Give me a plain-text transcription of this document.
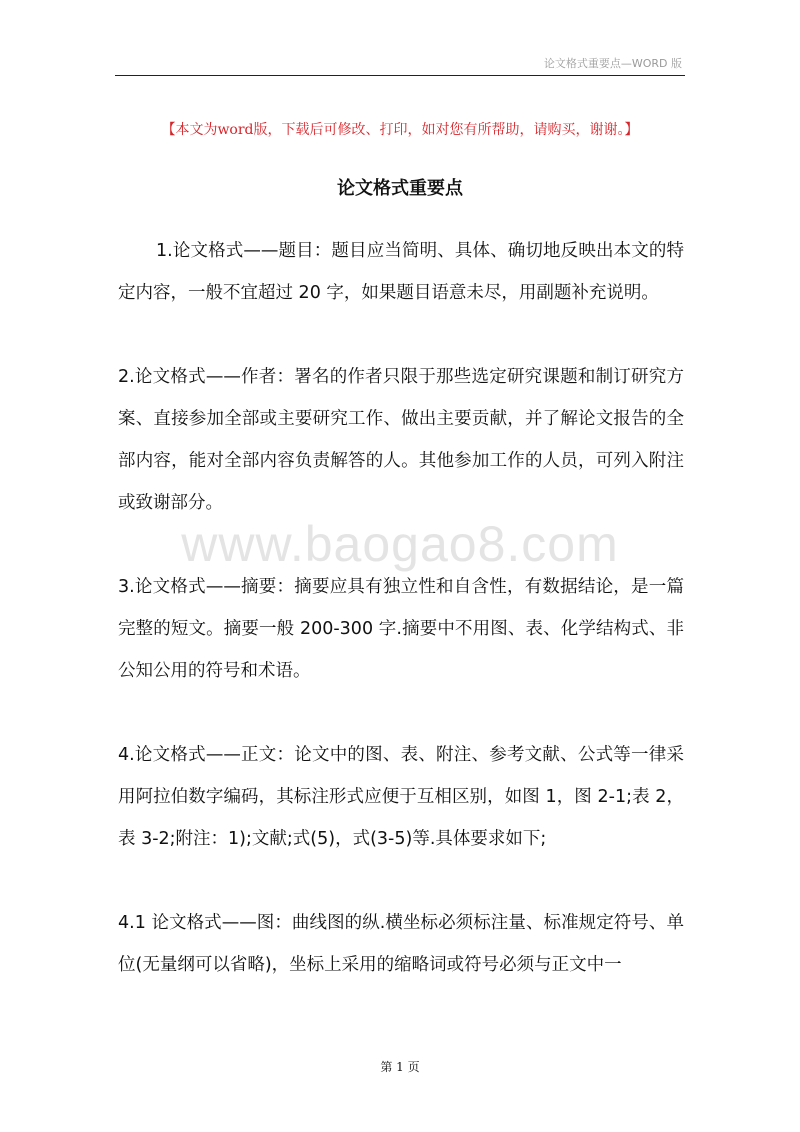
论文格式重要点—WORD 版
【本文为word版，下载后可修改、打印，如对您有所帮助，请购买，谢谢。】
论文格式重要点
www.baogao8.com

1.论文格式——题目：题目应当简明、具体、确切地反映出本文的特定内容，一般不宜超过 20 字，如果题目语意未尽，用副题补充说明。

2.论文格式——作者：署名的作者只限于那些选定研究课题和制订研究方案、直接参加全部或主要研究工作、做出主要贡献，并了解论文报告的全部内容，能对全部内容负责解答的人。其他参加工作的人员，可列入附注或致谢部分。

3.论文格式——摘要：摘要应具有独立性和自含性，有数据结论，是一篇完整的短文。摘要一般 200-300 字.摘要中不用图、表、化学结构式、非公知公用的符号和术语。

4.论文格式——正文：论文中的图、表、附注、参考文献、公式等一律采用阿拉伯数字编码，其标注形式应便于互相区别，如图 1，图 2-1;表 2，表 3-2;附注：1);文献;式(5)，式(3-5)等.具体要求如下;

4.1 论文格式——图：曲线图的纵.横坐标必须标注量、标准规定符号、单位(无量纲可以省略)，坐标上采用的缩略词或符号必须与正文中一

第 1 页
